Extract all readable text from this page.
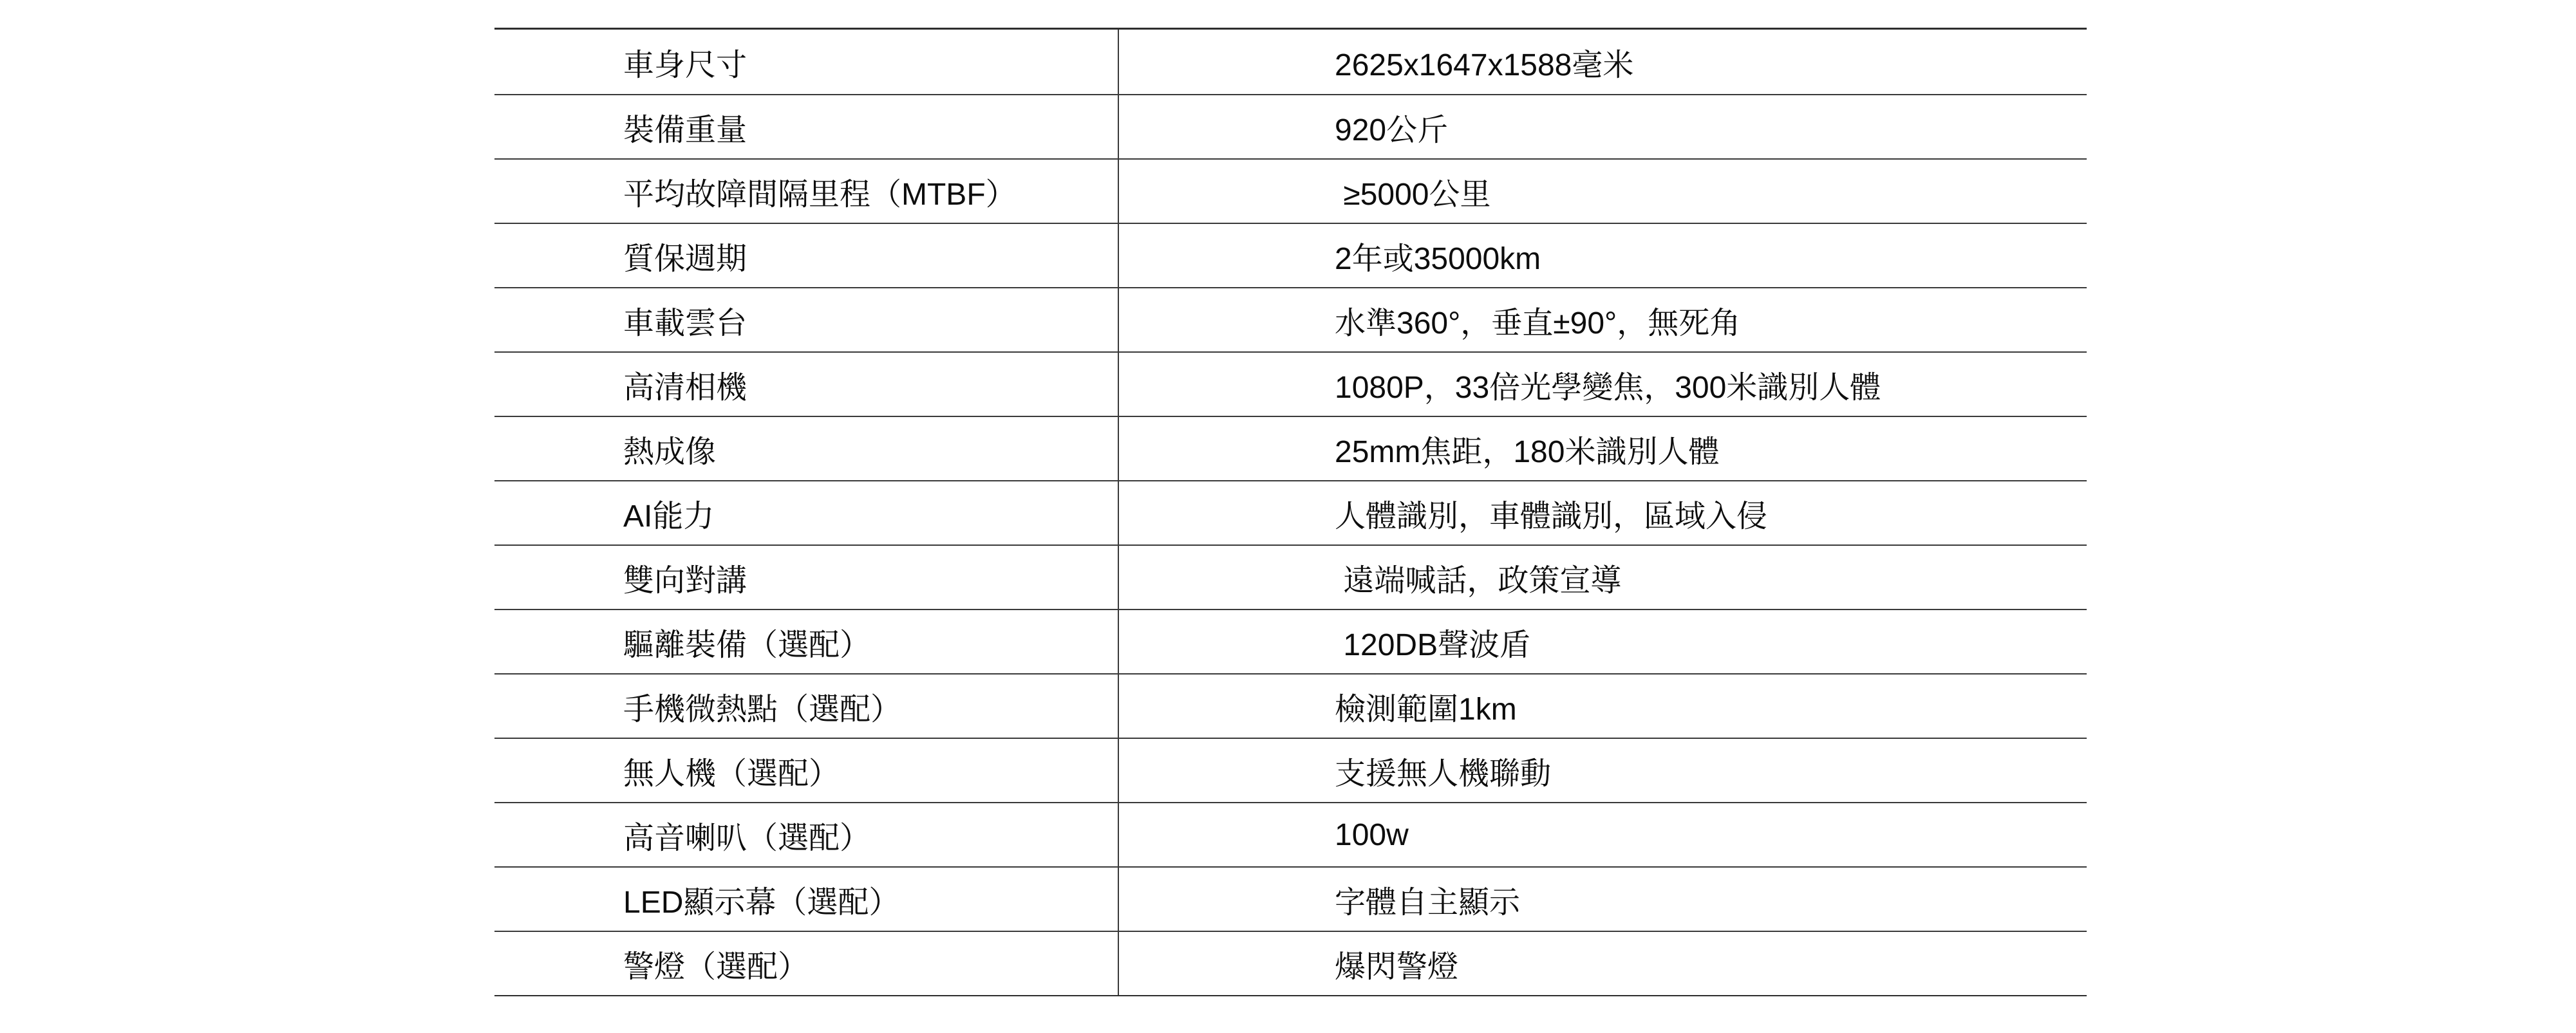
車身尺寸	2625x1647x1588毫米
裝備重量	920公斤
平均故障間隔里程（MTBF）	≥5000公里
質保週期	2年或35000km
車載雲台	水準360°，垂直±90°，無死角
高清相機	1080P，33倍光學變焦，300米識別人體
熱成像	25mm焦距，180米識別人體
AI能力	人體識別，車體識別，區域入侵
雙向對講	遠端喊話，政策宣導
驅離裝備（選配）	120DB聲波盾
手機微熱點（選配）	檢測範圍1km
無人機（選配）	支援無人機聯動
高音喇叭（選配）	100w
LED顯示幕（選配）	字體自主顯示
警燈（選配）	爆閃警燈
